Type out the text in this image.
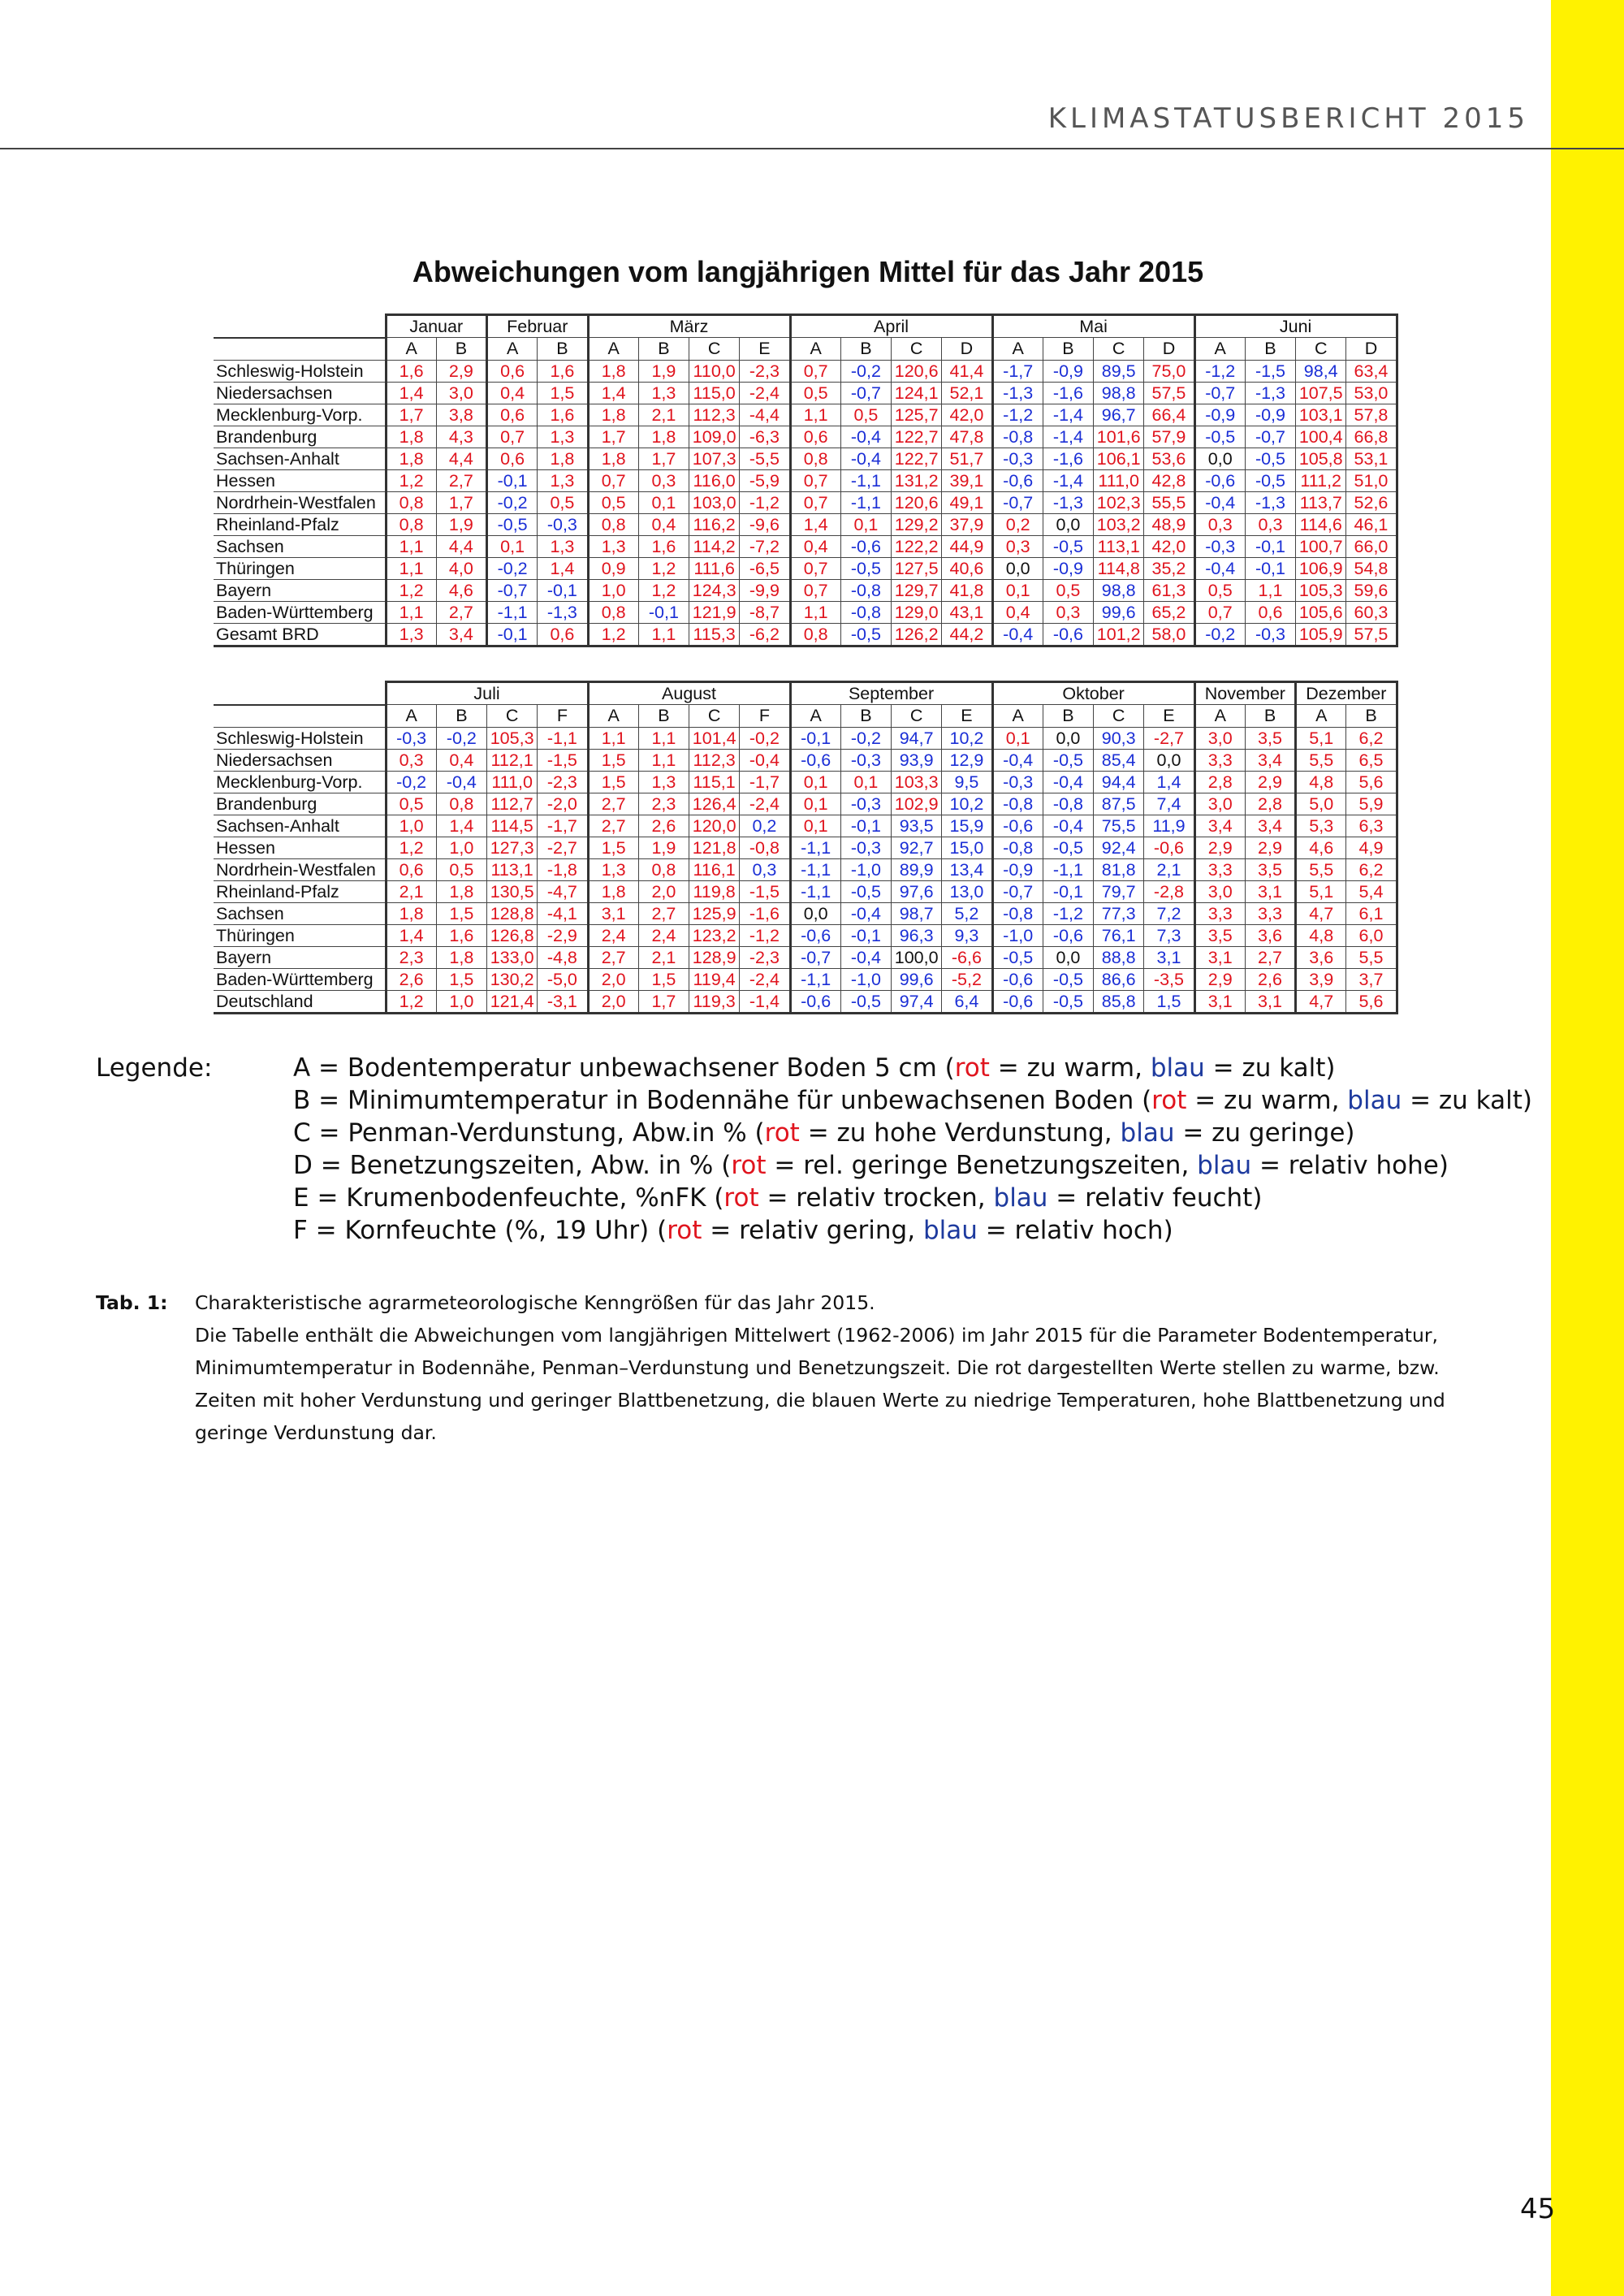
KLIMASTATUSBERICHT 2015
Abweichungen vom langjährigen Mittel für das Jahr 2015
	Januar		Februar		März				April				Mai				Juni			
	A	B	A	B	A	B	C	E	A	B	C	D	A	B	C	D	A	B	C	D
Schleswig-Holstein	1,6	2,9	0,6	1,6	1,8	1,9	110,0	-2,3	0,7	-0,2	120,6	41,4	-1,7	-0,9	89,5	75,0	-1,2	-1,5	98,4	63,4
Niedersachsen	1,4	3,0	0,4	1,5	1,4	1,3	115,0	-2,4	0,5	-0,7	124,1	52,1	-1,3	-1,6	98,8	57,5	-0,7	-1,3	107,5	53,0
Mecklenburg-Vorp.	1,7	3,8	0,6	1,6	1,8	2,1	112,3	-4,4	1,1	0,5	125,7	42,0	-1,2	-1,4	96,7	66,4	-0,9	-0,9	103,1	57,8
Brandenburg	1,8	4,3	0,7	1,3	1,7	1,8	109,0	-6,3	0,6	-0,4	122,7	47,8	-0,8	-1,4	101,6	57,9	-0,5	-0,7	100,4	66,8
Sachsen-Anhalt	1,8	4,4	0,6	1,8	1,8	1,7	107,3	-5,5	0,8	-0,4	122,7	51,7	-0,3	-1,6	106,1	53,6	0,0	-0,5	105,8	53,1
Hessen	1,2	2,7	-0,1	1,3	0,7	0,3	116,0	-5,9	0,7	-1,1	131,2	39,1	-0,6	-1,4	111,0	42,8	-0,6	-0,5	111,2	51,0
Nordrhein-Westfalen	0,8	1,7	-0,2	0,5	0,5	0,1	103,0	-1,2	0,7	-1,1	120,6	49,1	-0,7	-1,3	102,3	55,5	-0,4	-1,3	113,7	52,6
Rheinland-Pfalz	0,8	1,9	-0,5	-0,3	0,8	0,4	116,2	-9,6	1,4	0,1	129,2	37,9	0,2	0,0	103,2	48,9	0,3	0,3	114,6	46,1
Sachsen	1,1	4,4	0,1	1,3	1,3	1,6	114,2	-7,2	0,4	-0,6	122,2	44,9	0,3	-0,5	113,1	42,0	-0,3	-0,1	100,7	66,0
Thüringen	1,1	4,0	-0,2	1,4	0,9	1,2	111,6	-6,5	0,7	-0,5	127,5	40,6	0,0	-0,9	114,8	35,2	-0,4	-0,1	106,9	54,8
Bayern	1,2	4,6	-0,7	-0,1	1,0	1,2	124,3	-9,9	0,7	-0,8	129,7	41,8	0,1	0,5	98,8	61,3	0,5	1,1	105,3	59,6
Baden-Württemberg	1,1	2,7	-1,1	-1,3	0,8	-0,1	121,9	-8,7	1,1	-0,8	129,0	43,1	0,4	0,3	99,6	65,2	0,7	0,6	105,6	60,3
Gesamt BRD	1,3	3,4	-0,1	0,6	1,2	1,1	115,3	-6,2	0,8	-0,5	126,2	44,2	-0,4	-0,6	101,2	58,0	-0,2	-0,3	105,9	57,5
	Juli				August				September				Oktober				November		Dezember	
	A	B	C	F	A	B	C	F	A	B	C	E	A	B	C	E	A	B	A	B
Schleswig-Holstein	-0,3	-0,2	105,3	-1,1	1,1	1,1	101,4	-0,2	-0,1	-0,2	94,7	10,2	0,1	0,0	90,3	-2,7	3,0	3,5	5,1	6,2
Niedersachsen	0,3	0,4	112,1	-1,5	1,5	1,1	112,3	-0,4	-0,6	-0,3	93,9	12,9	-0,4	-0,5	85,4	0,0	3,3	3,4	5,5	6,5
Mecklenburg-Vorp.	-0,2	-0,4	111,0	-2,3	1,5	1,3	115,1	-1,7	0,1	0,1	103,3	9,5	-0,3	-0,4	94,4	1,4	2,8	2,9	4,8	5,6
Brandenburg	0,5	0,8	112,7	-2,0	2,7	2,3	126,4	-2,4	0,1	-0,3	102,9	10,2	-0,8	-0,8	87,5	7,4	3,0	2,8	5,0	5,9
Sachsen-Anhalt	1,0	1,4	114,5	-1,7	2,7	2,6	120,0	0,2	0,1	-0,1	93,5	15,9	-0,6	-0,4	75,5	11,9	3,4	3,4	5,3	6,3
Hessen	1,2	1,0	127,3	-2,7	1,5	1,9	121,8	-0,8	-1,1	-0,3	92,7	15,0	-0,8	-0,5	92,4	-0,6	2,9	2,9	4,6	4,9
Nordrhein-Westfalen	0,6	0,5	113,1	-1,8	1,3	0,8	116,1	0,3	-1,1	-1,0	89,9	13,4	-0,9	-1,1	81,8	2,1	3,3	3,5	5,5	6,2
Rheinland-Pfalz	2,1	1,8	130,5	-4,7	1,8	2,0	119,8	-1,5	-1,1	-0,5	97,6	13,0	-0,7	-0,1	79,7	-2,8	3,0	3,1	5,1	5,4
Sachsen	1,8	1,5	128,8	-4,1	3,1	2,7	125,9	-1,6	0,0	-0,4	98,7	5,2	-0,8	-1,2	77,3	7,2	3,3	3,3	4,7	6,1
Thüringen	1,4	1,6	126,8	-2,9	2,4	2,4	123,2	-1,2	-0,6	-0,1	96,3	9,3	-1,0	-0,6	76,1	7,3	3,5	3,6	4,8	6,0
Bayern	2,3	1,8	133,0	-4,8	2,7	2,1	128,9	-2,3	-0,7	-0,4	100,0	-6,6	-0,5	0,0	88,8	3,1	3,1	2,7	3,6	5,5
Baden-Württemberg	2,6	1,5	130,2	-5,0	2,0	1,5	119,4	-2,4	-1,1	-1,0	99,6	-5,2	-0,6	-0,5	86,6	-3,5	2,9	2,6	3,9	3,7
Deutschland	1,2	1,0	121,4	-3,1	2,0	1,7	119,3	-1,4	-0,6	-0,5	97,4	6,4	-0,6	-0,5	85,8	1,5	3,1	3,1	4,7	5,6
Legende:	A = Bodentemperatur unbewachsener Boden 5 cm (rot = zu warm, blau = zu kalt)
B = Minimumtemperatur in Bodennähe für unbewachsenen Boden (rot = zu warm, blau = zu kalt)
C = Penman-Verdunstung, Abw.in % (rot = zu hohe Verdunstung, blau = zu geringe)
D = Benetzungszeiten, Abw. in % (rot = rel. geringe Benetzungszeiten, blau = relativ hohe)
E = Krumenbodenfeuchte, %nFK (rot = relativ trocken, blau = relativ feucht)
F = Kornfeuchte (%, 19 Uhr) (rot = relativ gering, blau = relativ hoch)
Tab. 1: Charakteristische agrarmeteorologische Kenngrößen für das Jahr 2015.
Die Tabelle enthält die Abweichungen vom langjährigen Mittelwert (1962-2006) im Jahr 2015 für die Parameter Bodentemperatur, Minimumtemperatur in Bodennähe, Penman–Verdunstung und Benetzungszeit. Die rot dargestellten Werte stellen zu warme, bzw. Zeiten mit hoher Verdunstung und geringer Blattbenetzung, die blauen Werte zu niedrige Temperaturen, hohe Blattbenetzung und geringe Verdunstung dar.
45
